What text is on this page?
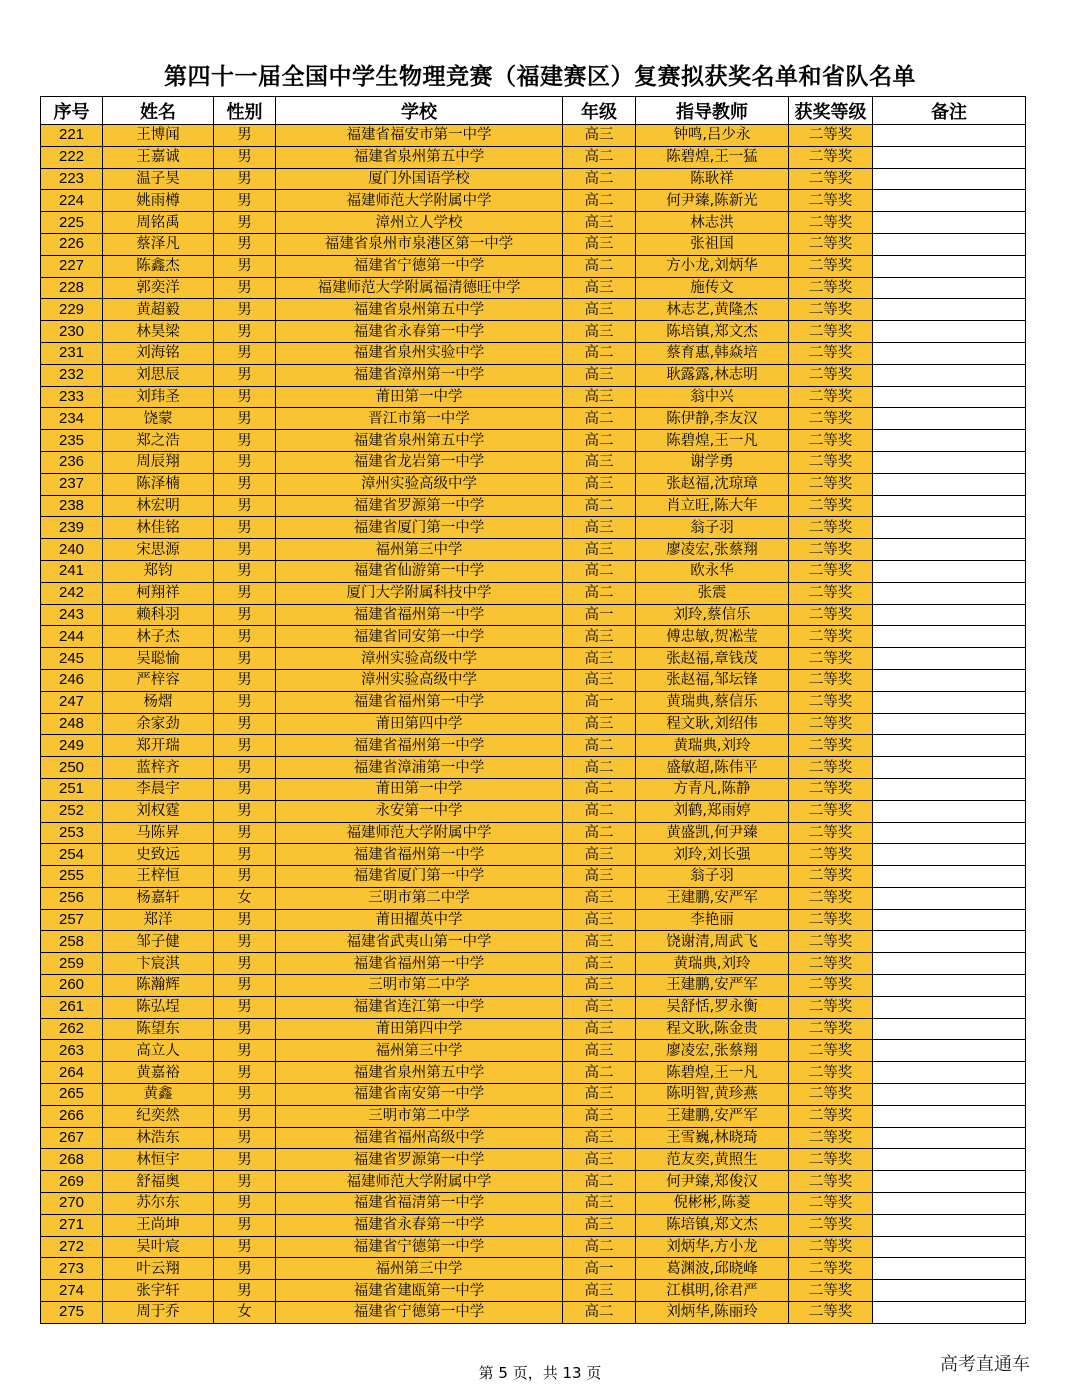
第四十一届全国中学生物理竞赛（福建赛区）复赛拟获奖名单和省队名单
序号	姓名	性别	学校	年级	指导教师	获奖等级	备注
221	王博闻	男	福建省福安市第一中学	高三	钟鸣,吕少永	二等奖	
222	王嘉诚	男	福建省泉州第五中学	高二	陈碧煌,王一猛	二等奖	
223	温子昊	男	厦门外国语学校	高二	陈耿祥	二等奖	
224	姚雨樽	男	福建师范大学附属中学	高二	何尹臻,陈新光	二等奖	
225	周铭禹	男	漳州立人学校	高三	林志洪	二等奖	
226	蔡泽凡	男	福建省泉州市泉港区第一中学	高三	张祖国	二等奖	
227	陈鑫杰	男	福建省宁德第一中学	高二	方小龙,刘炳华	二等奖	
228	郭奕洋	男	福建师范大学附属福清德旺中学	高三	施传文	二等奖	
229	黄超毅	男	福建省泉州第五中学	高三	林志艺,黄隆杰	二等奖	
230	林昊梁	男	福建省永春第一中学	高三	陈培镇,郑文杰	二等奖	
231	刘海铭	男	福建省泉州实验中学	高二	蔡育惠,韩焱培	二等奖	
232	刘思辰	男	福建省漳州第一中学	高三	耿露露,林志明	二等奖	
233	刘玮圣	男	莆田第一中学	高三	翁中兴	二等奖	
234	饶蒙	男	晋江市第一中学	高二	陈伊静,李友汉	二等奖	
235	郑之浩	男	福建省泉州第五中学	高二	陈碧煌,王一凡	二等奖	
236	周辰翔	男	福建省龙岩第一中学	高三	谢学勇	二等奖	
237	陈泽楠	男	漳州实验高级中学	高三	张赵福,沈琼璋	二等奖	
238	林宏明	男	福建省罗源第一中学	高二	肖立旺,陈大年	二等奖	
239	林佳铭	男	福建省厦门第一中学	高三	翁子羽	二等奖	
240	宋思源	男	福州第三中学	高三	廖凌宏,张蔡翔	二等奖	
241	郑钧	男	福建省仙游第一中学	高二	欧永华	二等奖	
242	柯翔祥	男	厦门大学附属科技中学	高二	张震	二等奖	
243	赖科羽	男	福建省福州第一中学	高一	刘玲,蔡信乐	二等奖	
244	林子杰	男	福建省同安第一中学	高三	傅忠敏,贺凇莹	二等奖	
245	吴聪愉	男	漳州实验高级中学	高三	张赵福,章钱茂	二等奖	
246	严梓容	男	漳州实验高级中学	高三	张赵福,邹坛锋	二等奖	
247	杨熠	男	福建省福州第一中学	高一	黄瑞典,蔡信乐	二等奖	
248	余家劲	男	莆田第四中学	高三	程文耿,刘绍伟	二等奖	
249	郑开瑞	男	福建省福州第一中学	高二	黄瑞典,刘玲	二等奖	
250	蓝梓齐	男	福建省漳浦第一中学	高二	盛敏超,陈伟平	二等奖	
251	李晨宇	男	莆田第一中学	高二	方青凡,陈静	二等奖	
252	刘权霆	男	永安第一中学	高二	刘鹤,郑雨婷	二等奖	
253	马陈昇	男	福建师范大学附属中学	高二	黄盛凯,何尹臻	二等奖	
254	史致远	男	福建省福州第一中学	高三	刘玲,刘长强	二等奖	
255	王梓恒	男	福建省厦门第一中学	高三	翁子羽	二等奖	
256	杨嘉轩	女	三明市第二中学	高三	王建鹏,安严军	二等奖	
257	郑洋	男	莆田擢英中学	高三	李艳丽	二等奖	
258	邹子健	男	福建省武夷山第一中学	高三	饶谢清,周武飞	二等奖	
259	卞宸淇	男	福建省福州第一中学	高三	黄瑞典,刘玲	二等奖	
260	陈瀚辉	男	三明市第二中学	高三	王建鹏,安严军	二等奖	
261	陈弘埕	男	福建省连江第一中学	高三	吴舒恬,罗永衡	二等奖	
262	陈望东	男	莆田第四中学	高三	程文耿,陈金贵	二等奖	
263	高立人	男	福州第三中学	高三	廖凌宏,张蔡翔	二等奖	
264	黄嘉裕	男	福建省泉州第五中学	高二	陈碧煌,王一凡	二等奖	
265	黄鑫	男	福建省南安第一中学	高三	陈明智,黄珍燕	二等奖	
266	纪奕然	男	三明市第二中学	高三	王建鹏,安严军	二等奖	
267	林浩东	男	福建省福州高级中学	高三	王雪巍,林晓琦	二等奖	
268	林恒宇	男	福建省罗源第一中学	高三	范友奕,黄照生	二等奖	
269	舒福奥	男	福建师范大学附属中学	高二	何尹臻,郑俊汉	二等奖	
270	苏尔东	男	福建省福清第一中学	高三	倪彬彬,陈菱	二等奖	
271	王尚坤	男	福建省永春第一中学	高三	陈培镇,郑文杰	二等奖	
272	吴叶宸	男	福建省宁德第一中学	高二	刘炳华,方小龙	二等奖	
273	叶云翔	男	福州第三中学	高一	葛渊波,邱晓峰	二等奖	
274	张宇轩	男	福建省建瓯第一中学	高三	江棋明,徐君严	二等奖	
275	周于乔	女	福建省宁德第一中学	高二	刘炳华,陈丽玲	二等奖	
第 5 页，共 13 页	高考直通车
